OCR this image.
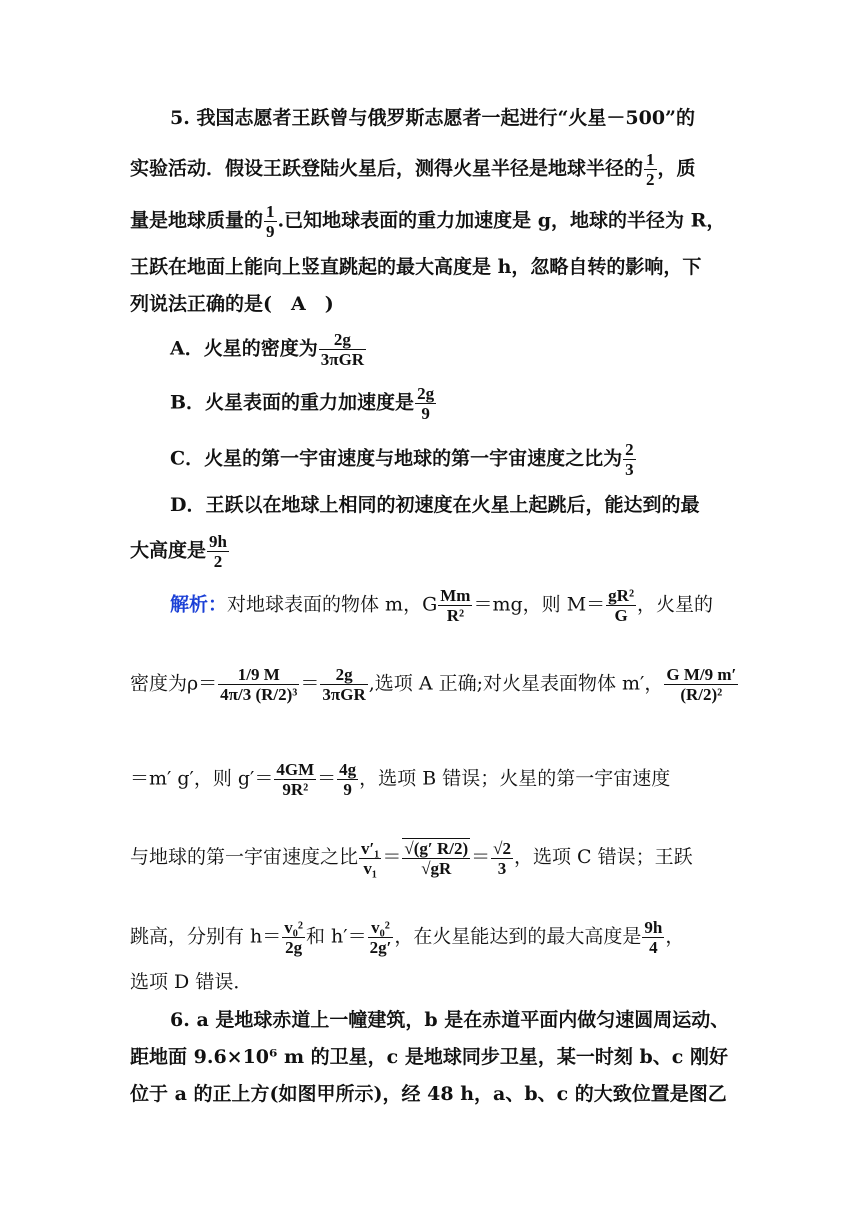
5. 我国志愿者王跃曾与俄罗斯志愿者一起进行“火星－500”的
实验活动．假设王跃登陆火星后，测得火星半径是地球半径的 $\frac{1}{2}$ ，质
量是地球质量的 $\frac{1}{9}$ .已知地球表面的重力加速度是 g，地球的半径为 R，
王跃在地面上能向上竖直跳起的最大高度是 h，忽略自转的影响，下
列说法正确的是(　A　)
A．火星的密度为 $\frac{2g}{\text{3πGR}}$
B．火星表面的重力加速度是 $\frac{2g}{9}$
C．火星的第一宇宙速度与地球的第一宇宙速度之比为 $\frac{2}{3}$
D．王跃以在地球上相同的初速度在火星上起跳后，能达到的最
大高度是 $\frac{9h}{2}$
解析：对地球表面的物体 m，G $\frac{Mm}{\text{R²}} =mg$，则 $M= \frac{\text{gR²}}{G}$ ，火星的
密度为$\rho= \frac{1/9 M}{\text{4π/3 (R/2)³}} = \frac{2g}{\text{3πGR}}$ ,选项 A 正确;对火星表面物体 m′， $\frac{\text{G M/9 m′}}{\text{(R/2)²}}$
＝m′ g′，则 $g'= \frac{4GM}{\text{9R²}} = \frac{4g}{9}$ ，选项 B 错误；火星的第一宇宙速度
与地球的第一宇宙速度之比 $\frac{\text{v′₁}}{\text{v₁}} = \frac{√(g' R/2)}{√gR} = \frac{√2}{3}$ ，选项 C 错误；王跃
跳高，分别有 $h= \frac{\text{v₀²}}{2g}$ 和 $h'= \frac{\text{v₀²}}{2g'}$ ，在火星能达到的最大高度是 $\frac{9h}{4}$ ，
选项 D 错误．
6. a 是地球赤道上一幢建筑，b 是在赤道平面内做匀速圆周运动、
距地面 9.6×10⁶ m 的卫星，c 是地球同步卫星，某一时刻 b、c 刚好
位于 a 的正上方(如图甲所示)，经 48 h，a、b、c 的大致位置是图乙
